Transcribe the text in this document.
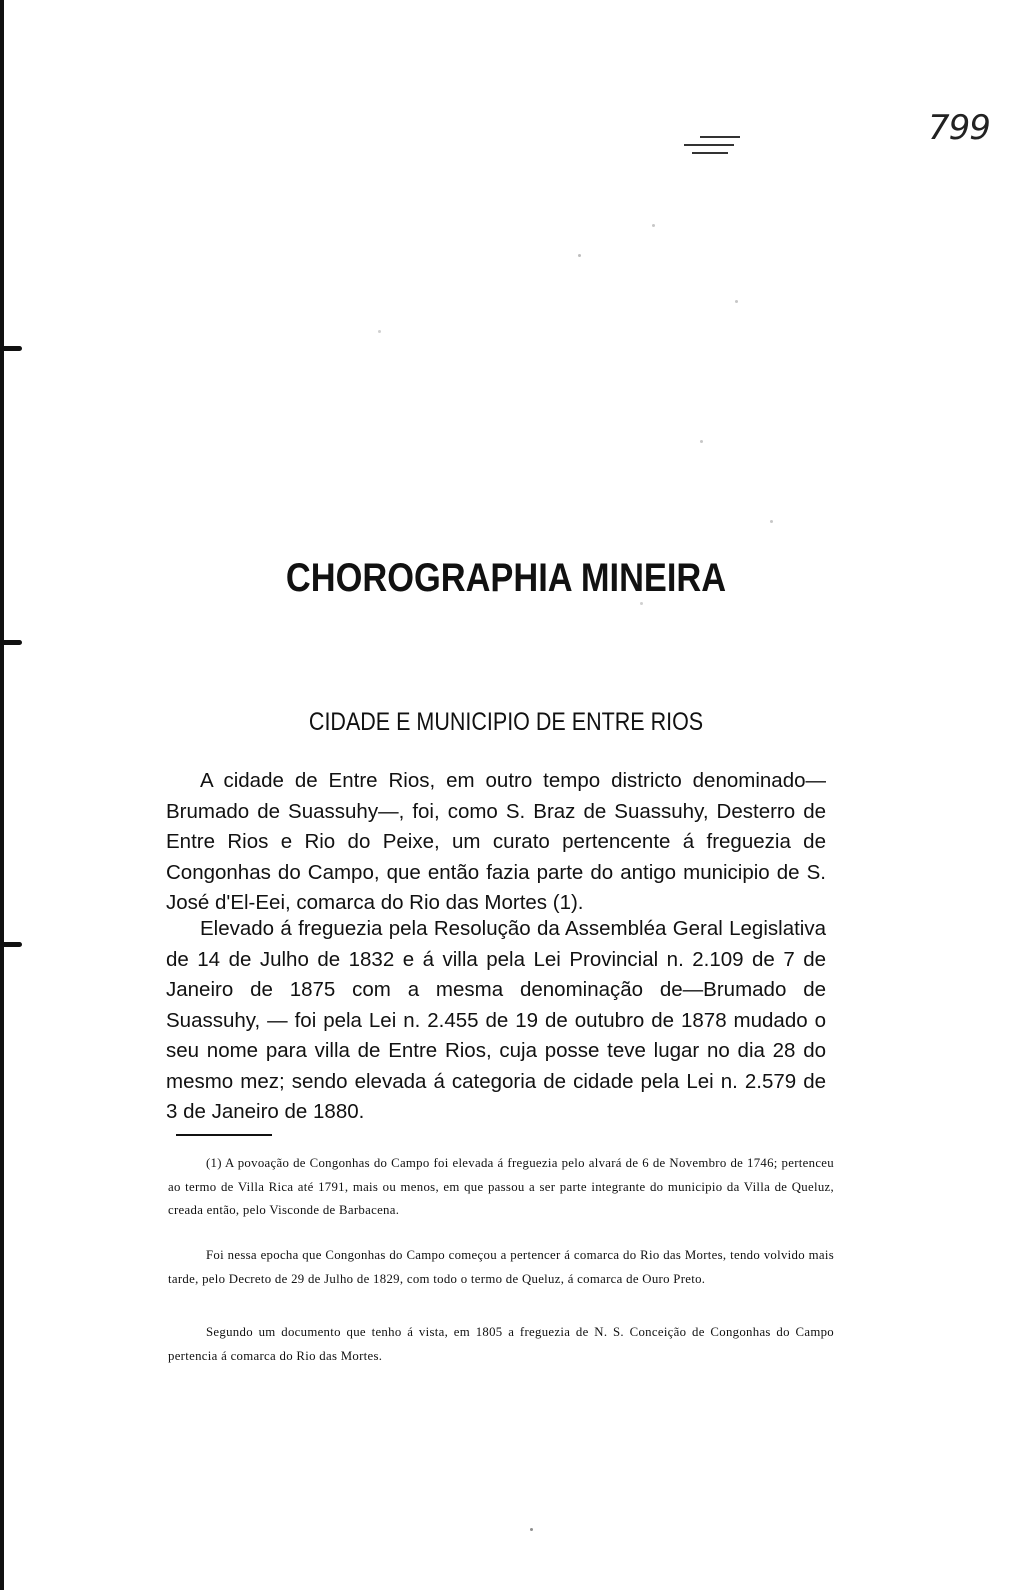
799
CHOROGRAPHIA MINEIRA
CIDADE E MUNICIPIO DE ENTRE RIOS

A cidade de Entre Rios, em outro tempo districto denominado—Brumado de Suassuhy—, foi, como S. Braz de Suassuhy, Desterro de Entre Rios e Rio do Peixe, um curato pertencente á freguezia de Congonhas do Campo, que então fazia parte do antigo municipio de S. José d'El-Eei, comarca do Rio das Mortes (1).

Elevado á freguezia pela Resolução da Assembléa Geral Legislativa de 14 de Julho de 1832 e á villa pela Lei Provincial n. 2.109 de 7 de Janeiro de 1875 com a mesma denominação de—Brumado de Suassuhy, — foi pela Lei n. 2.455 de 19 de outubro de 1878 mudado o seu nome para villa de Entre Rios, cuja posse teve lugar no dia 28 do mesmo mez; sendo elevada á categoria de cidade pela Lei n. 2.579 de 3 de Janeiro de 1880.

(1) A povoação de Congonhas do Campo foi elevada á freguezia pelo alvará de 6 de Novembro de 1746; pertenceu ao termo de Villa Rica até 1791, mais ou menos, em que passou a ser parte integrante do municipio da Villa de Queluz, creada então, pelo Visconde de Barbacena.

Foi nessa epocha que Congonhas do Campo começou a pertencer á comarca do Rio das Mortes, tendo volvido mais tarde, pelo Decreto de 29 de Julho de 1829, com todo o termo de Queluz, á comarca de Ouro Preto.

Segundo um documento que tenho á vista, em 1805 a freguezia de N. S. Conceição de Congonhas do Campo pertencia á comarca do Rio das Mortes.
